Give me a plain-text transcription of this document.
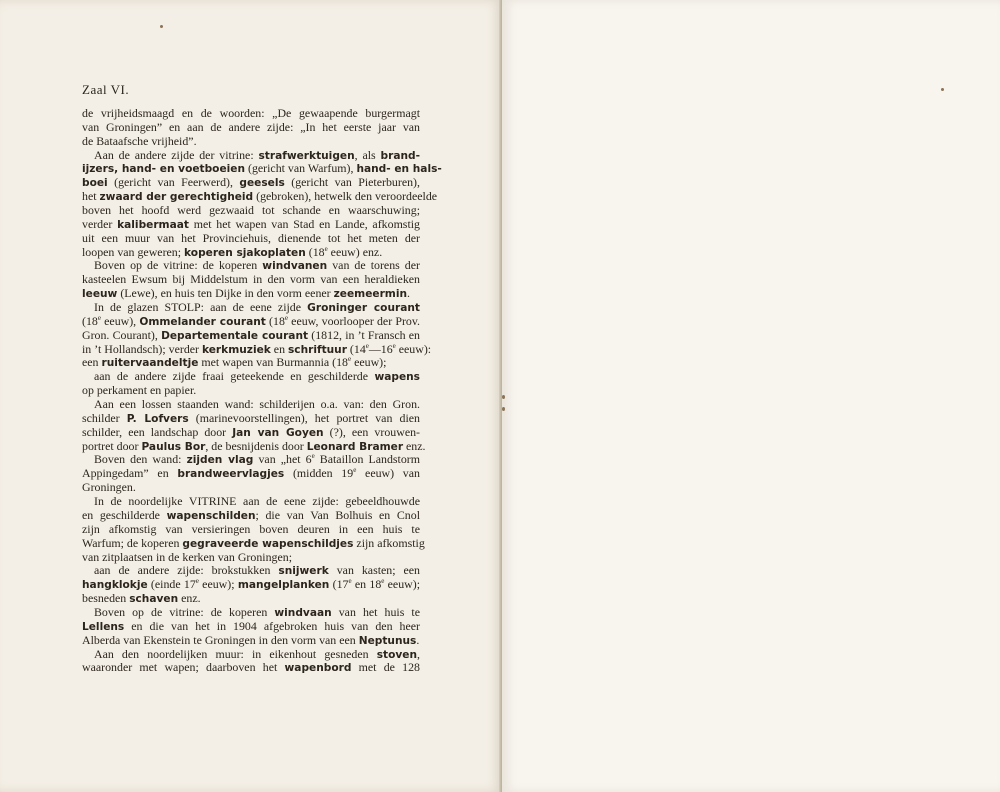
Zaal VI.
de vrijheidsmaagd en de woorden: „De gewaapende burgermagt
van Groningen” en aan de andere zijde: „In het eerste jaar van
de Bataafsche vrijheid”.
Aan de andere zijde der vitrine: strafwerktuigen, als brand-
ijzers, hand- en voetboeien (gericht van Warfum), hand- en hals-
boei (gericht van Feerwerd), geesels (gericht van Pieterburen),
het zwaard der gerechtigheid (gebroken), hetwelk den veroordeelde
boven het hoofd werd gezwaaid tot schande en waarschuwing;
verder kalibermaat met het wapen van Stad en Lande, afkomstig
uit een muur van het Provinciehuis, dienende tot het meten der
loopen van geweren; koperen sjakoplaten (18e eeuw) enz.
Boven op de vitrine: de koperen windvanen van de torens der
kasteelen Ewsum bij Middelstum in den vorm van een heraldieken
leeuw (Lewe), en huis ten Dijke in den vorm eener zeemeermin.
In de glazen STOLP: aan de eene zijde Groninger courant
(18e eeuw), Ommelander courant (18e eeuw, voorlooper der Prov.
Gron. Courant), Departementale courant (1812, in ’t Fransch en
in ’t Hollandsch); verder kerkmuziek en schriftuur (14e—16e eeuw):
een ruitervaandeltje met wapen van Burmannia (18e eeuw);
aan de andere zijde fraai geteekende en geschilderde wapens
op perkament en papier.
Aan een lossen staanden wand: schilderijen o.a. van: den Gron.
schilder P. Lofvers (marinevoorstellingen), het portret van dien
schilder, een landschap door Jan van Goyen (?), een vrouwen-
portret door Paulus Bor, de besnijdenis door Leonard Bramer enz.
Boven den wand: zijden vlag van „het 6e Bataillon Landstorm
Appingedam” en brandweervlagjes (midden 19e eeuw) van
Groningen.
In de noordelijke VITRINE aan de eene zijde: gebeeldhouwde
en geschilderde wapenschilden; die van Van Bolhuis en Cnol
zijn afkomstig van versieringen boven deuren in een huis te
Warfum; de koperen gegraveerde wapenschildjes zijn afkomstig
van zitplaatsen in de kerken van Groningen;
aan de andere zijde: brokstukken snijwerk van kasten; een
hangklokje (einde 17e eeuw); mangelplanken (17e en 18e eeuw);
besneden schaven enz.
Boven op de vitrine: de koperen windvaan van het huis te
Lellens en die van het in 1904 afgebroken huis van den heer
Alberda van Ekenstein te Groningen in den vorm van een Neptunus.
Aan den noordelijken muur: in eikenhout gesneden stoven,
waaronder met wapen; daarboven het wapenbord met de 128
